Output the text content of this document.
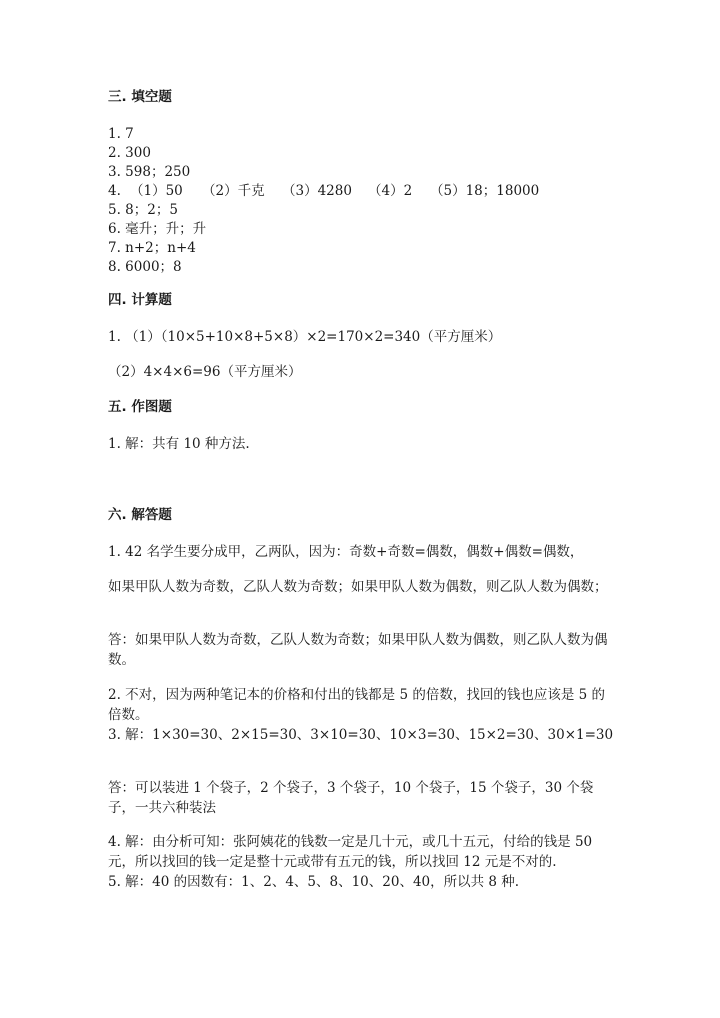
三. 填空题
1. 7
2. 300
3. 598；250
4. （1）50 （2）千克 （3）4280 （4）2 （5）18；18000
5. 8；2；5
6. 毫升；升；升
7. n+2；n+4
8. 6000；8
四. 计算题
1. （1）（10×5+10×8+5×8）×2=170×2=340（平方厘米）
（2）4×4×6=96（平方厘米）
五. 作图题
1. 解：共有 10 种方法.
六. 解答题
1. 42 名学生要分成甲，乙两队，因为：奇数+奇数=偶数，偶数+偶数=偶数，
如果甲队人数为奇数，乙队人数为奇数；如果甲队人数为偶数，则乙队人数为偶数；
答：如果甲队人数为奇数，乙队人数为奇数；如果甲队人数为偶数，则乙队人数为偶数。
2. 不对，因为两种笔记本的价格和付出的钱都是 5 的倍数，找回的钱也应该是 5 的倍数。
3. 解：1×30=30、2×15=30、3×10=30、10×3=30、15×2=30、30×1=30
答：可以装进 1 个袋子，2 个袋子，3 个袋子，10 个袋子，15 个袋子，30 个袋子，一共六种装法
4. 解：由分析可知：张阿姨花的钱数一定是几十元，或几十五元，付给的钱是 50 元，所以找回的钱一定是整十元或带有五元的钱，所以找回 12 元是不对的.
5. 解：40 的因数有：1、2、4、5、8、10、20、40，所以共 8 种.
